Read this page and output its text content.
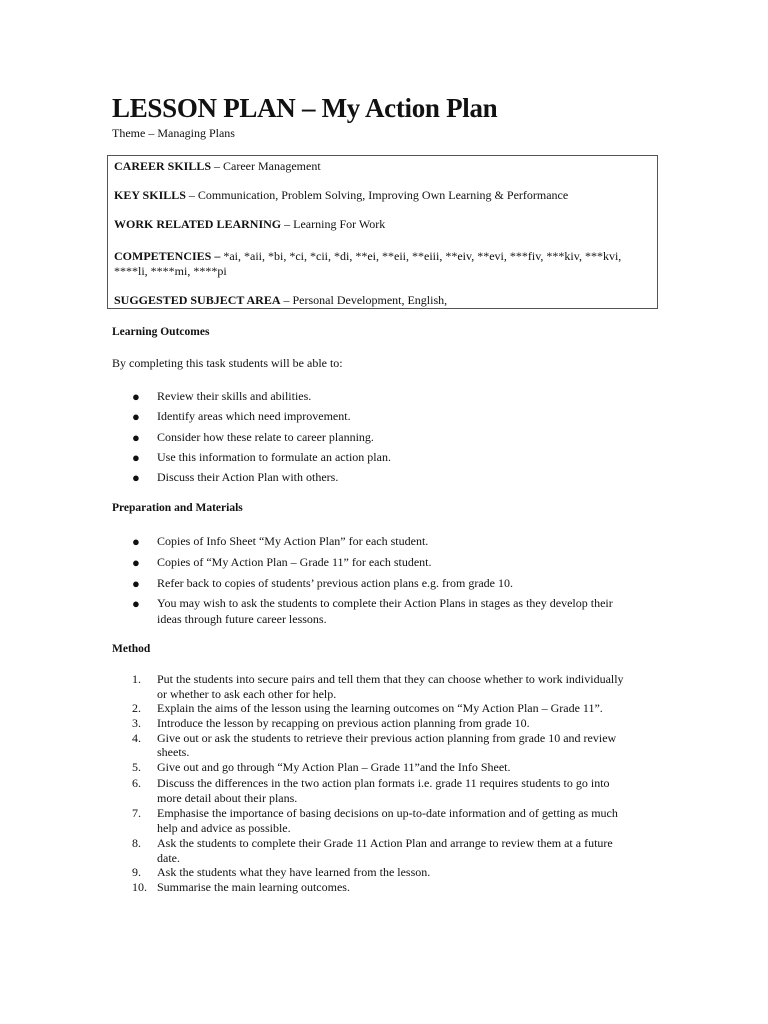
LESSON PLAN – My Action Plan
Theme – Managing Plans
CAREER SKILLS – Career Management
KEY SKILLS – Communication, Problem Solving, Improving Own Learning & Performance
WORK RELATED LEARNING – Learning For Work
COMPETENCIES – *ai, *aii, *bi, *ci, *cii, *di, **ei, **eii, **eiii, **eiv, **evi, ***fiv, ***kiv, ***kvi,
****li, ****mi, ****pi
SUGGESTED SUBJECT AREA – Personal Development, English,
Learning Outcomes
By completing this task students will be able to:
● Review their skills and abilities.
● Identify areas which need improvement.
● Consider how these relate to career planning.
● Use this information to formulate an action plan.
● Discuss their Action Plan with others.
Preparation and Materials
● Copies of Info Sheet “My Action Plan” for each student.
● Copies of “My Action Plan – Grade 11” for each student.
● Refer back to copies of students’ previous action plans e.g. from grade 10.
● You may wish to ask the students to complete their Action Plans in stages as they develop their
ideas through future career lessons.
Method
1.	Put the students into secure pairs and tell them that they can choose whether to work individually
or whether to ask each other for help.
2.	Explain the aims of the lesson using the learning outcomes on “My Action Plan – Grade 11”.
3.	Introduce the lesson by recapping on previous action planning from grade 10.
4.	Give out or ask the students to retrieve their previous action planning from grade 10 and review
sheets.
5.	Give out and go through “My Action Plan – Grade 11”and the Info Sheet.
6.	Discuss the differences in the two action plan formats i.e. grade 11 requires students to go into
more detail about their plans.
7.	Emphasise the importance of basing decisions on up-to-date information and of getting as much
help and advice as possible.
8.	Ask the students to complete their Grade 11 Action Plan and arrange to review them at a future
date.
9.	Ask the students what they have learned from the lesson.
10. Summarise the main learning outcomes.
